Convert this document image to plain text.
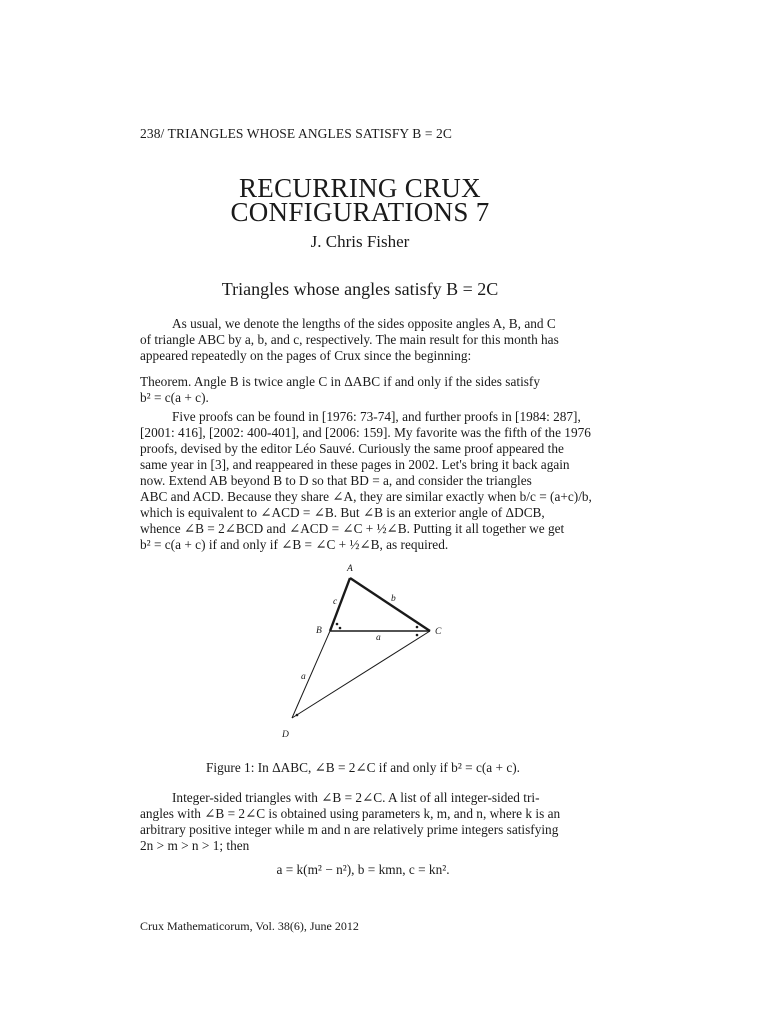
238/ TRIANGLES WHOSE ANGLES SATISFY B = 2C
RECURRING CRUX
CONFIGURATIONS 7
J. Chris Fisher
Triangles whose angles satisfy B = 2C
As usual, we denote the lengths of the sides opposite angles A, B, and C
of triangle ABC by a, b, and c, respectively. The main result for this month has
appeared repeatedly on the pages of Crux since the beginning:
Theorem. Angle B is twice angle C in ΔABC if and only if the sides satisfy
b² = c(a + c).
Five proofs can be found in [1976: 73-74], and further proofs in [1984: 287],
[2001: 416], [2002: 400-401], and [2006: 159]. My favorite was the fifth of the 1976
proofs, devised by the editor Léo Sauvé. Curiously the same proof appeared the
same year in [3], and reappeared in these pages in 2002. Let's bring it back again
now. Extend AB beyond B to D so that BD = a, and consider the triangles
ABC and ACD. Because they share ∠A, they are similar exactly when b/c = (a+c)/b,
which is equivalent to ∠ACD = ∠B. But ∠B is an exterior angle of ΔDCB,
whence ∠B = 2∠BCD and ∠ACD = ∠C + ½∠B. Putting it all together we get
b² = c(a + c) if and only if ∠B = ∠C + ½∠B, as required.
A
B	C
D
c	b
a
a
Figure 1: In ΔABC, ∠B = 2∠C if and only if b² = c(a + c).
Integer-sided triangles with ∠B = 2∠C. A list of all integer-sided tri-
angles with ∠B = 2∠C is obtained using parameters k, m, and n, where k is an
arbitrary positive integer while m and n are relatively prime integers satisfying
2n > m > n > 1; then
a = k(m² − n²), b = kmn, c = kn².
Crux Mathematicorum, Vol. 38(6), June 2012
